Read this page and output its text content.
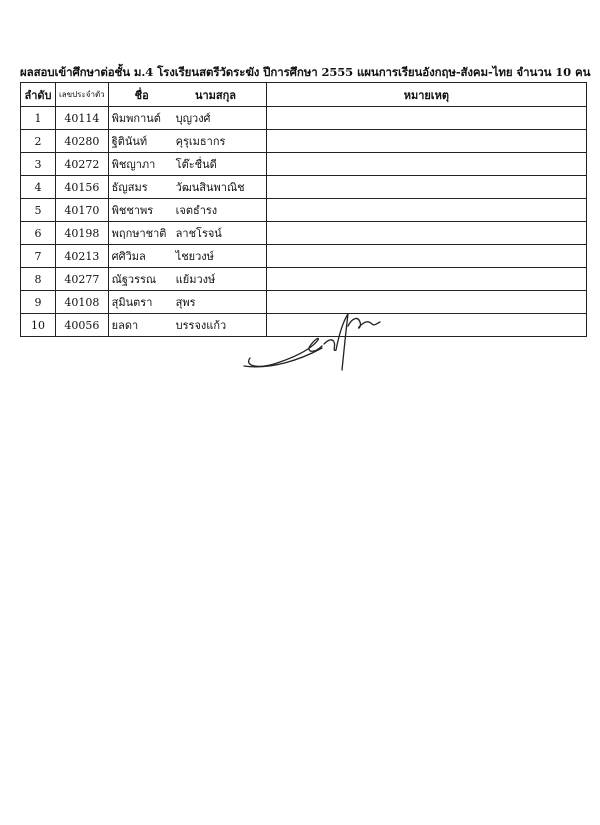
ผลสอบเข้าศึกษาต่อชั้น ม.4 โรงเรียนสตรีวัดระฆัง ปีการศึกษา 2555 แผนการเรียนอังกฤษ-สังคม-ไทย จำนวน 10 คน
ลำดับ	เลขประจำตัว	ชื่อ นามสกุล	หมายเหตุ
1	40114	พิมพกานต์ บุญวงศ์	
2	40280	ฐิตินันท์ คุรุเมธากร	
3	40272	พิชญาภา โต๊ะชื่นดี	
4	40156	ธัญสมร วัฒนสินพาณิช	
5	40170	พิชชาพร เจตธำรง	
6	40198	พฤกษาชาติ ลาชโรจน์	
7	40213	ศศิวิมล ไชยวงษ์	
8	40277	ณัฐวรรณ แย้มวงษ์	
9	40108	สุมินตรา สุพร	
10	40056	ยลดา บรรจงแก้ว	
